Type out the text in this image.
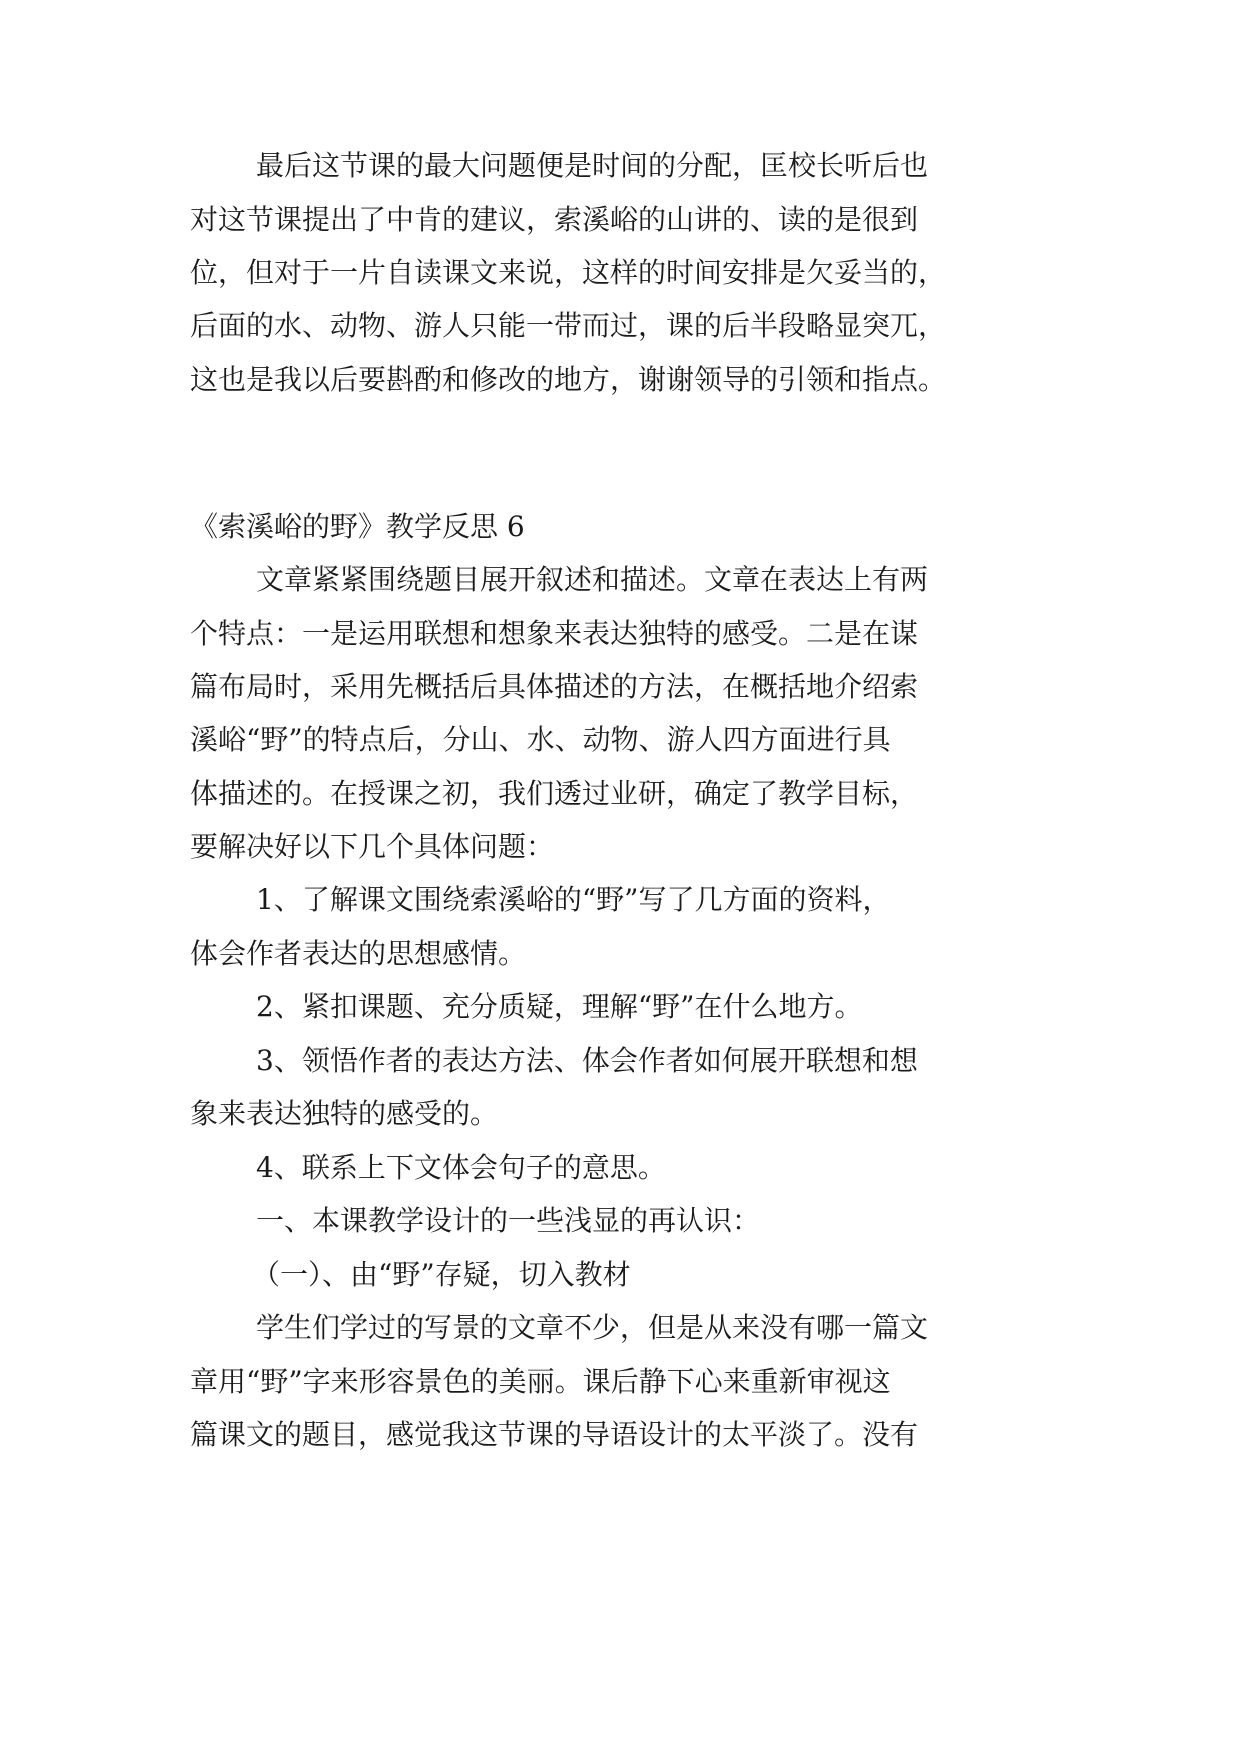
最后这节课的最大问题便是时间的分配，匡校长听后也
对这节课提出了中肯的建议，索溪峪的山讲的、读的是很到
位，但对于一片自读课文来说，这样的时间安排是欠妥当的，
后面的水、动物、游人只能一带而过，课的后半段略显突兀，
这也是我以后要斟酌和修改的地方，谢谢领导的引领和指点。
《索溪峪的野》教学反思 6
文章紧紧围绕题目展开叙述和描述。文章在表达上有两
个特点：一是运用联想和想象来表达独特的感受。二是在谋
篇布局时，采用先概括后具体描述的方法，在概括地介绍索
溪峪“野”的特点后，分山、水、动物、游人四方面进行具
体描述的。在授课之初，我们透过业研，确定了教学目标，
要解决好以下几个具体问题：
1、了解课文围绕索溪峪的“野”写了几方面的资料，
体会作者表达的思想感情。
2、紧扣课题、充分质疑，理解“野”在什么地方。
3、领悟作者的表达方法、体会作者如何展开联想和想
象来表达独特的感受的。
4、联系上下文体会句子的意思。
一、本课教学设计的一些浅显的再认识：
（一）、由“野”存疑，切入教材
学生们学过的写景的文章不少，但是从来没有哪一篇文
章用“野”字来形容景色的美丽。课后静下心来重新审视这
篇课文的题目，感觉我这节课的导语设计的太平淡了。没有
